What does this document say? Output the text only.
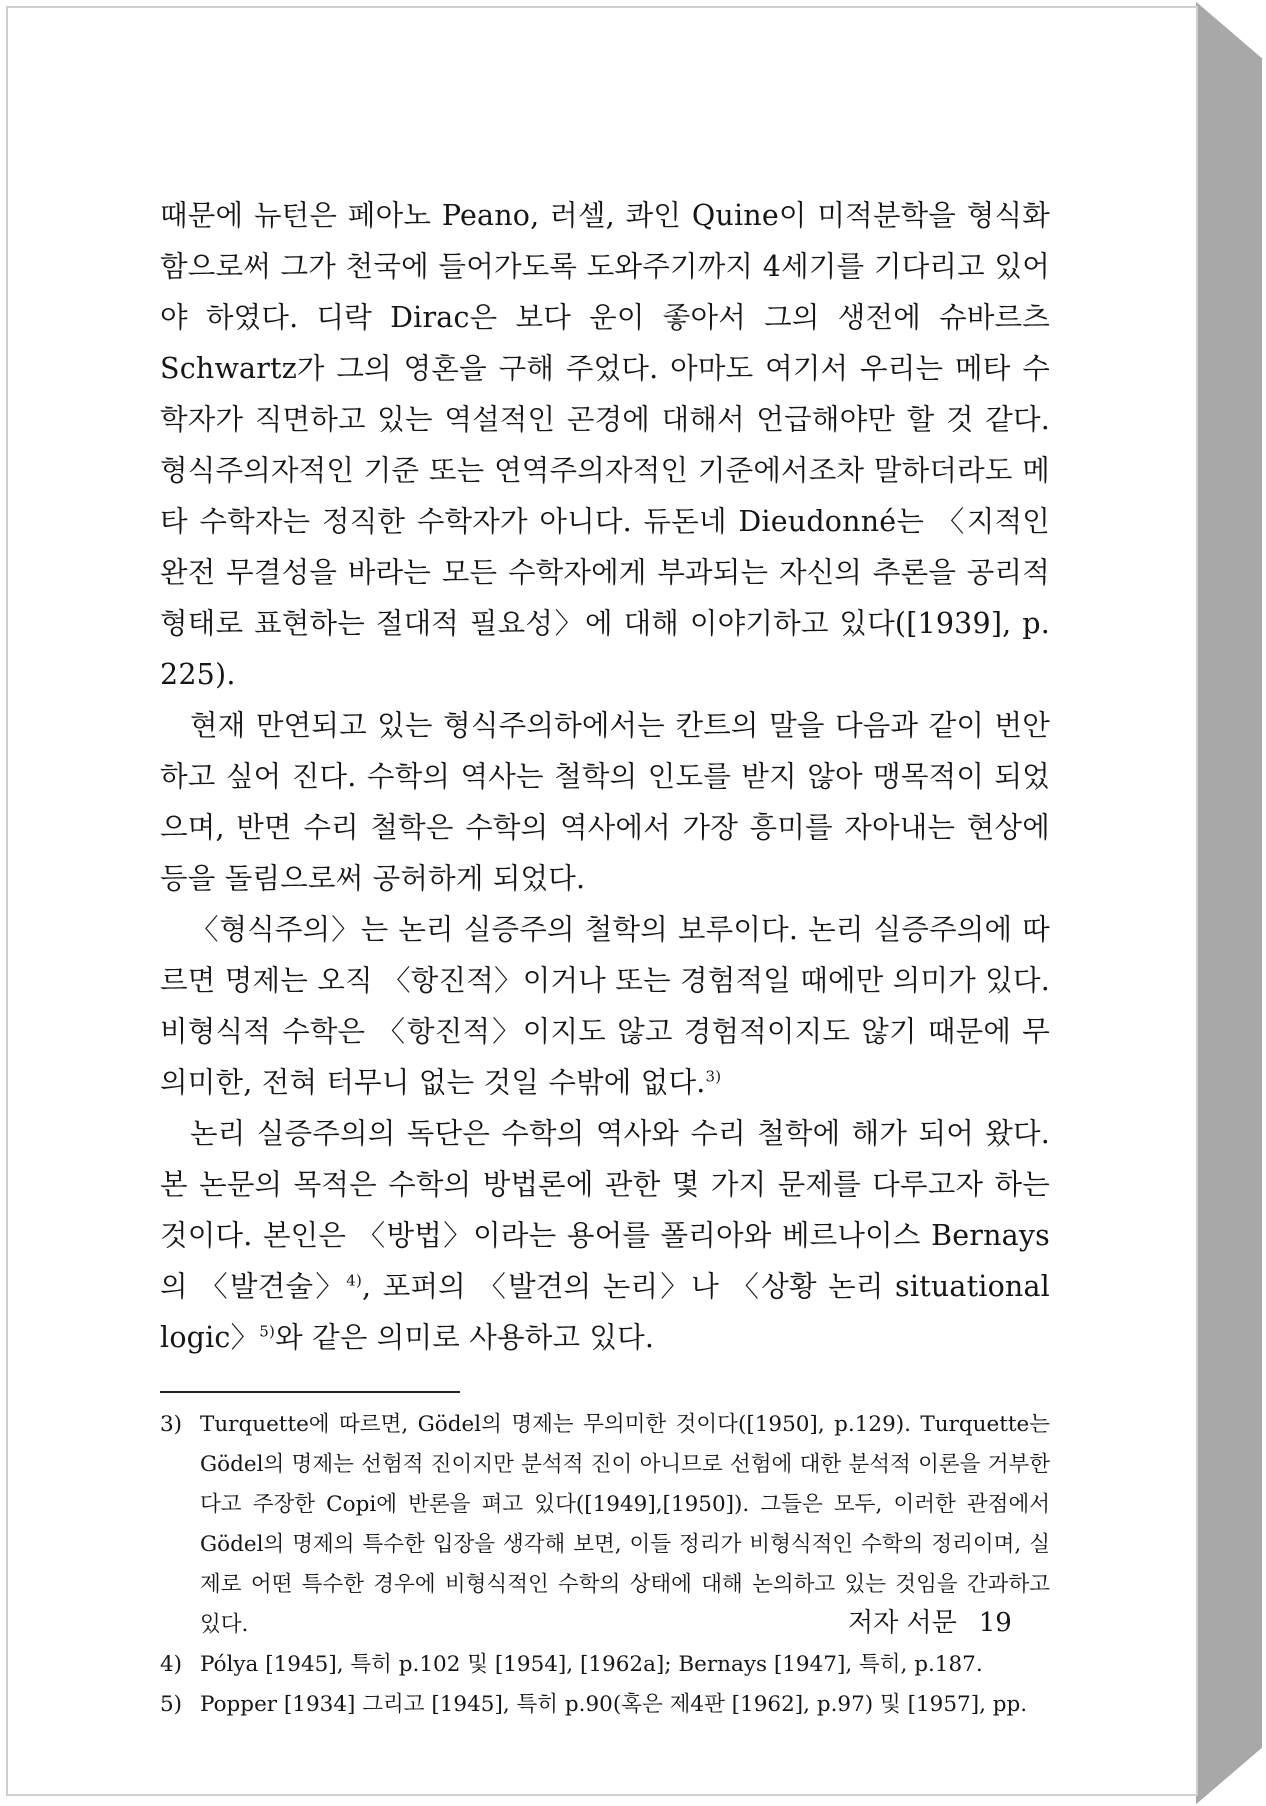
때문에 뉴턴은 페아노 Peano, 러셀, 콰인 Quine이 미적분학을 형식화함으로써 그가 천국에 들어가도록 도와주기까지 4세기를 기다리고 있어야 하였다. 디락 Dirac은 보다 운이 좋아서 그의 생전에 슈바르츠 Schwartz가 그의 영혼을 구해 주었다. 아마도 여기서 우리는 메타 수학자가 직면하고 있는 역설적인 곤경에 대해서 언급해야만 할 것 같다. 형식주의자적인 기준 또는 연역주의자적인 기준에서조차 말하더라도 메타 수학자는 정직한 수학자가 아니다. 듀돈네 Dieudonné는 〈지적인 완전 무결성을 바라는 모든 수학자에게 부과되는 자신의 추론을 공리적 형태로 표현하는 절대적 필요성〉에 대해 이야기하고 있다([1939], p. 225).

현재 만연되고 있는 형식주의하에서는 칸트의 말을 다음과 같이 번안하고 싶어 진다. 수학의 역사는 철학의 인도를 받지 않아 맹목적이 되었으며, 반면 수리 철학은 수학의 역사에서 가장 흥미를 자아내는 현상에 등을 돌림으로써 공허하게 되었다.

〈형식주의〉는 논리 실증주의 철학의 보루이다. 논리 실증주의에 따르면 명제는 오직 〈항진적〉이거나 또는 경험적일 때에만 의미가 있다. 비형식적 수학은 〈항진적〉이지도 않고 경험적이지도 않기 때문에 무의미한, 전혀 터무니 없는 것일 수밖에 없다.$^{3)}$

논리 실증주의의 독단은 수학의 역사와 수리 철학에 해가 되어 왔다. 본 논문의 목적은 수학의 방법론에 관한 몇 가지 문제를 다루고자 하는 것이다. 본인은 〈방법〉이라는 용어를 폴리아와 베르나이스 Bernays의 〈발견술〉$^{4)}$, 포퍼의 〈발견의 논리〉나 〈상황 논리 situational logic〉$^{5)}$와 같은 의미로 사용하고 있다.

3) Turquette에 따르면, Gödel의 명제는 무의미한 것이다([1950], p.129). Turquette는 Gödel의 명제는 선험적 진이지만 분석적 진이 아니므로 선험에 대한 분석적 이론을 거부한다고 주장한 Copi에 반론을 펴고 있다([1949],[1950]). 그들은 모두, 이러한 관점에서 Gödel의 명제의 특수한 입장을 생각해 보면, 이들 정리가 비형식적인 수학의 정리이며, 실제로 어떤 특수한 경우에 비형식적인 수학의 상태에 대해 논의하고 있는 것임을 간과하고 있다.

4) Pólya [1945], 특히 p.102 및 [1954], [1962a]; Bernays [1947], 특히, p.187.

5) Popper [1934] 그리고 [1945], 특히 p.90(혹은 제4판 [1962], p.97) 및 [1957], pp.

저자 서문 19
